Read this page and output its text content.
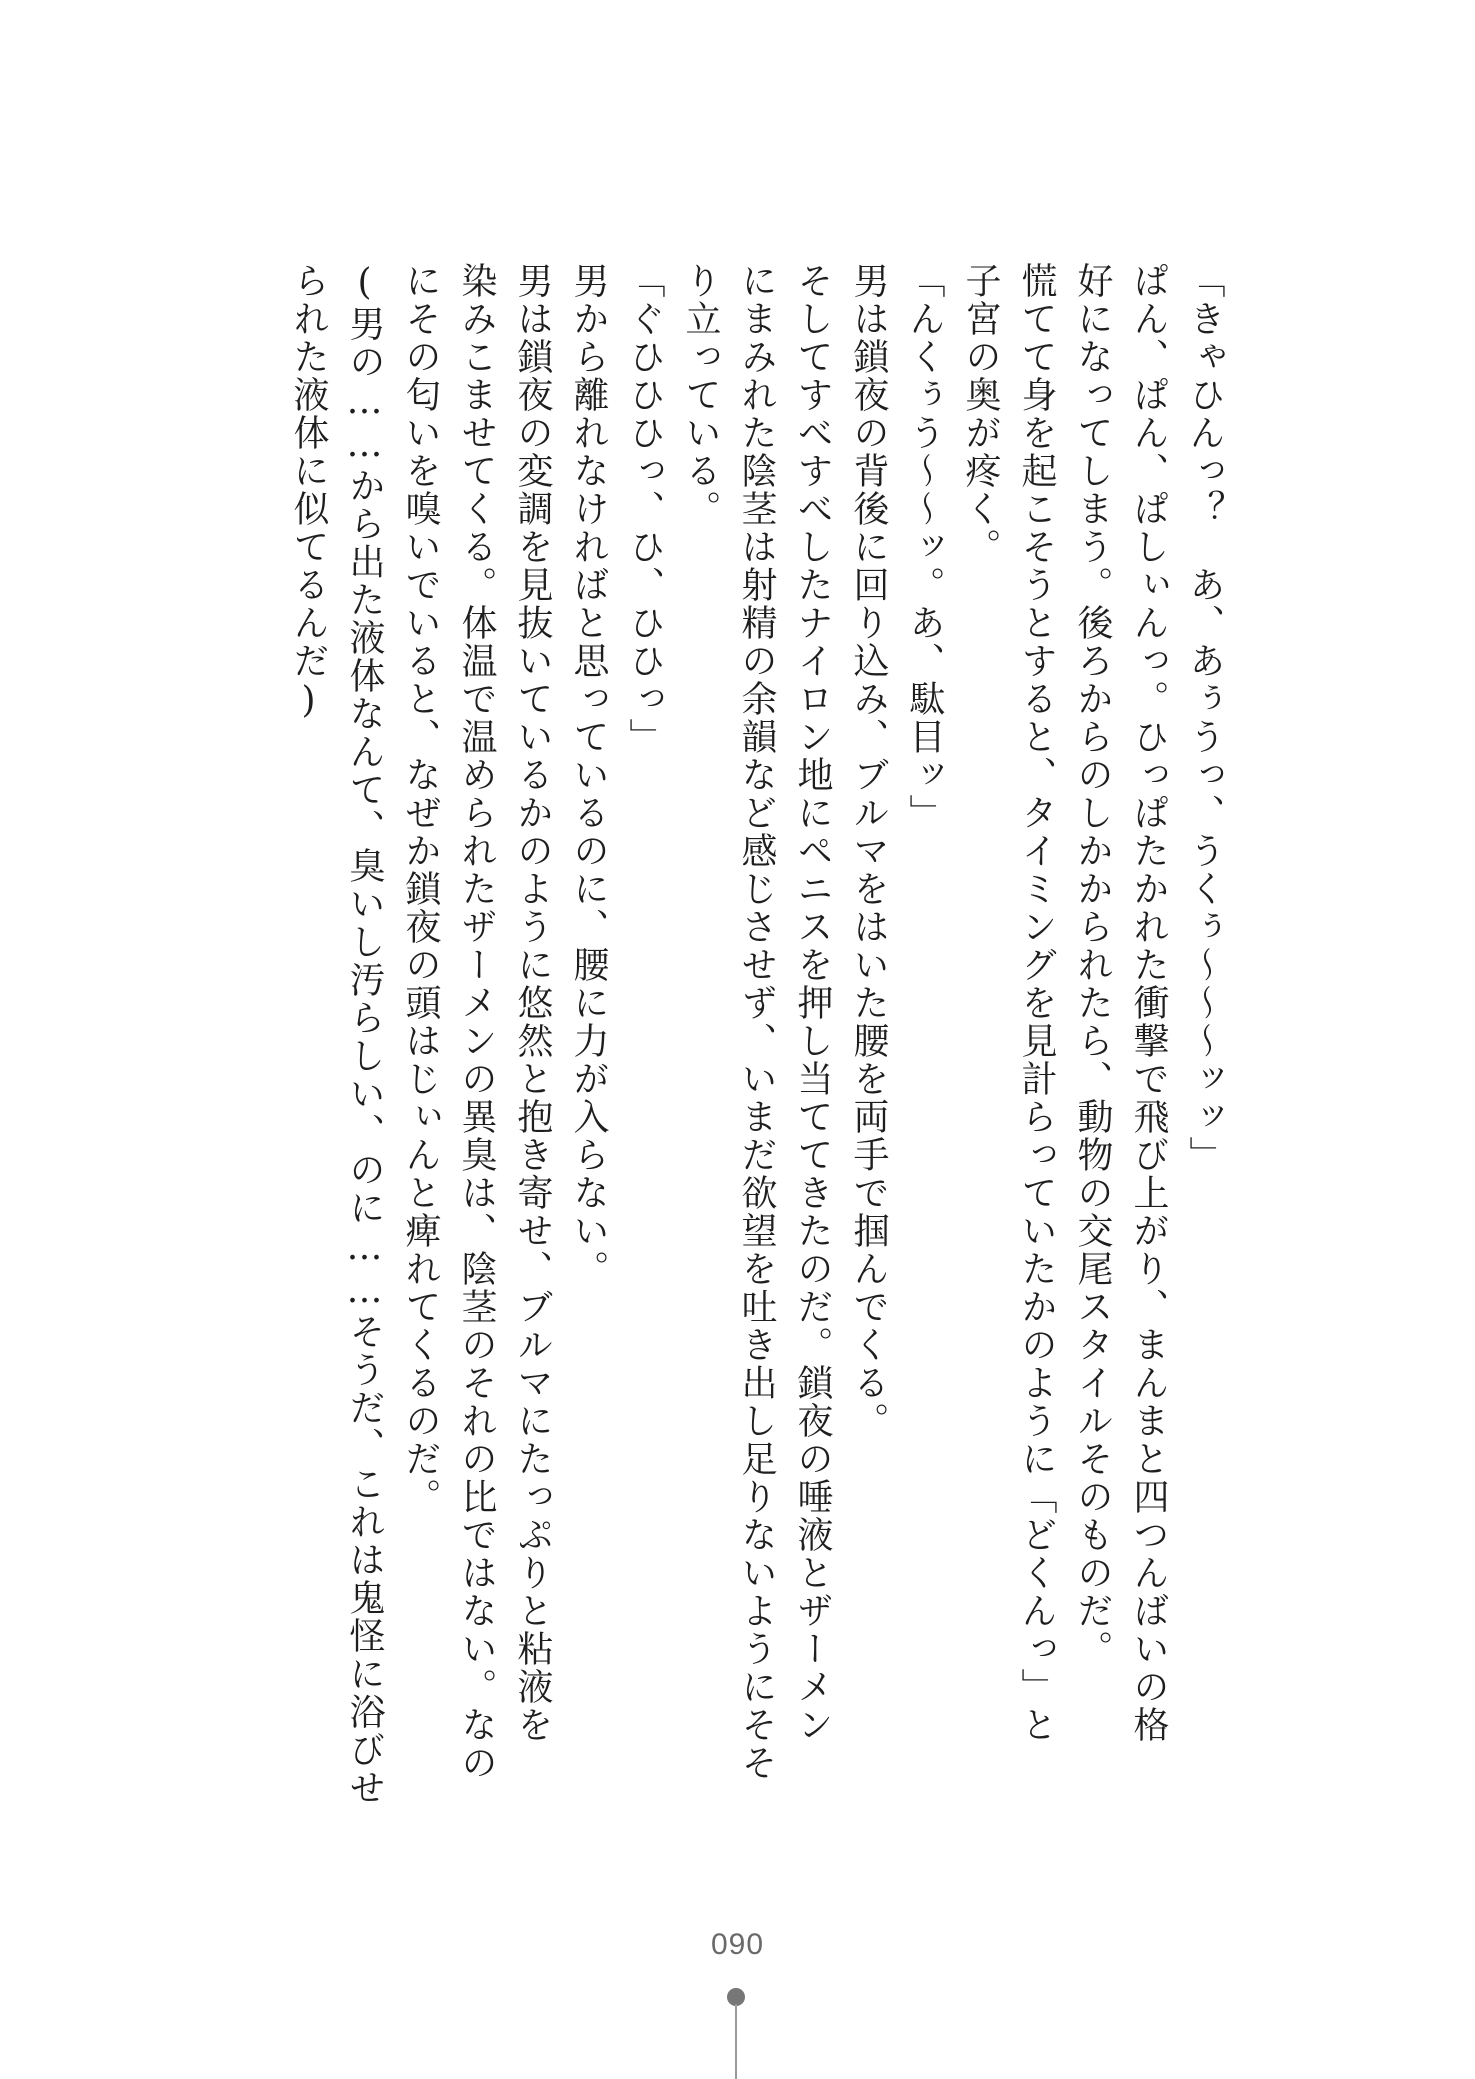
「きゃひんっ？　あ、あぅうっ、うくぅ～～～ッッ」
ぱん、ぱん、ぱしぃんっ。ひっぱたかれた衝撃で飛び上がり、まんまと四つんばいの格
好になってしまう。後ろからのしかかられたら、動物の交尾スタイルそのものだ。
慌てて身を起こそうとすると、タイミングを見計らっていたかのように「どくんっ」と
子宮の奥が疼く。
「んくぅう～～ッ。あ、駄目ッ」
男は鎖夜の背後に回り込み、ブルマをはいた腰を両手で掴んでくる。
そしてすべすべしたナイロン地にペニスを押し当ててきたのだ。鎖夜の唾液とザーメン
にまみれた陰茎は射精の余韻など感じさせず、いまだ欲望を吐き出し足りないようにそそ
り立っている。
「ぐひひひっ、ひ、ひひっ」
男から離れなければと思っているのに、腰に力が入らない。
男は鎖夜の変調を見抜いているかのように悠然と抱き寄せ、ブルマにたっぷりと粘液を
染みこませてくる。体温で温められたザーメンの異臭は、陰茎のそれの比ではない。なの
にその匂いを嗅いでいると、なぜか鎖夜の頭はじぃんと痺れてくるのだ。
(男の……から出た液体なんて、臭いし汚らしい、のに……そうだ、これは鬼怪に浴びせ
られた液体に似てるんだ)
090
